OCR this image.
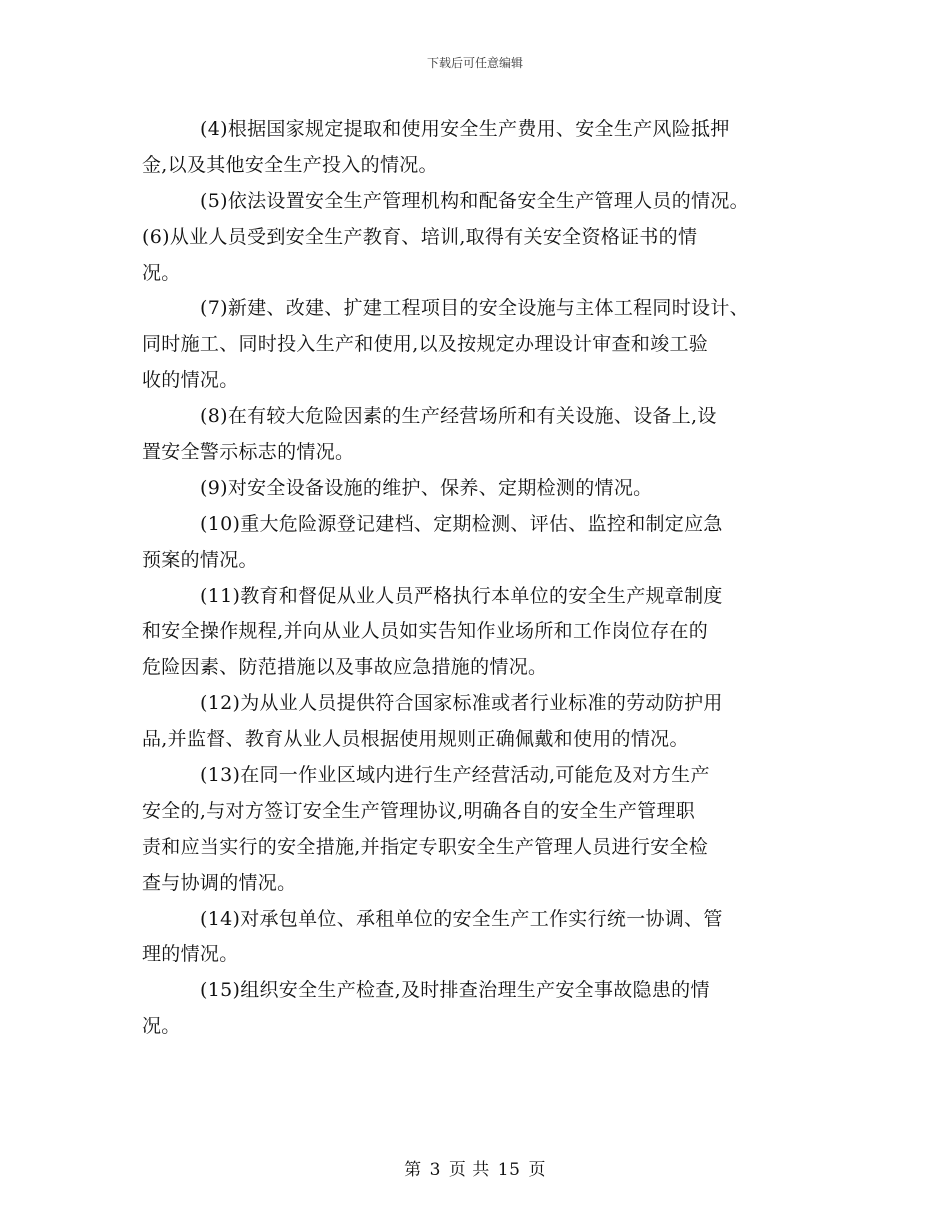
下载后可任意编辑
(4)根据国家规定提取和使用安全生产费用、安全生产风险抵押
金,以及其他安全生产投入的情况。
(5)依法设置安全生产管理机构和配备安全生产管理人员的情况。
(6)从业人员受到安全生产教育、培训,取得有关安全资格证书的情
况。
(7)新建、改建、扩建工程项目的安全设施与主体工程同时设计、
同时施工、同时投入生产和使用,以及按规定办理设计审查和竣工验
收的情况。
(8)在有较大危险因素的生产经营场所和有关设施、设备上,设
置安全警示标志的情况。
(9)对安全设备设施的维护、保养、定期检测的情况。
(10)重大危险源登记建档、定期检测、评估、监控和制定应急
预案的情况。
(11)教育和督促从业人员严格执行本单位的安全生产规章制度
和安全操作规程,并向从业人员如实告知作业场所和工作岗位存在的
危险因素、防范措施以及事故应急措施的情况。
(12)为从业人员提供符合国家标准或者行业标准的劳动防护用
品,并监督、教育从业人员根据使用规则正确佩戴和使用的情况。
(13)在同一作业区域内进行生产经营活动,可能危及对方生产
安全的,与对方签订安全生产管理协议,明确各自的安全生产管理职
责和应当实行的安全措施,并指定专职安全生产管理人员进行安全检
查与协调的情况。
(14)对承包单位、承租单位的安全生产工作实行统一协调、管
理的情况。
(15)组织安全生产检查,及时排查治理生产安全事故隐患的情
况。
第 3 页 共 15 页
